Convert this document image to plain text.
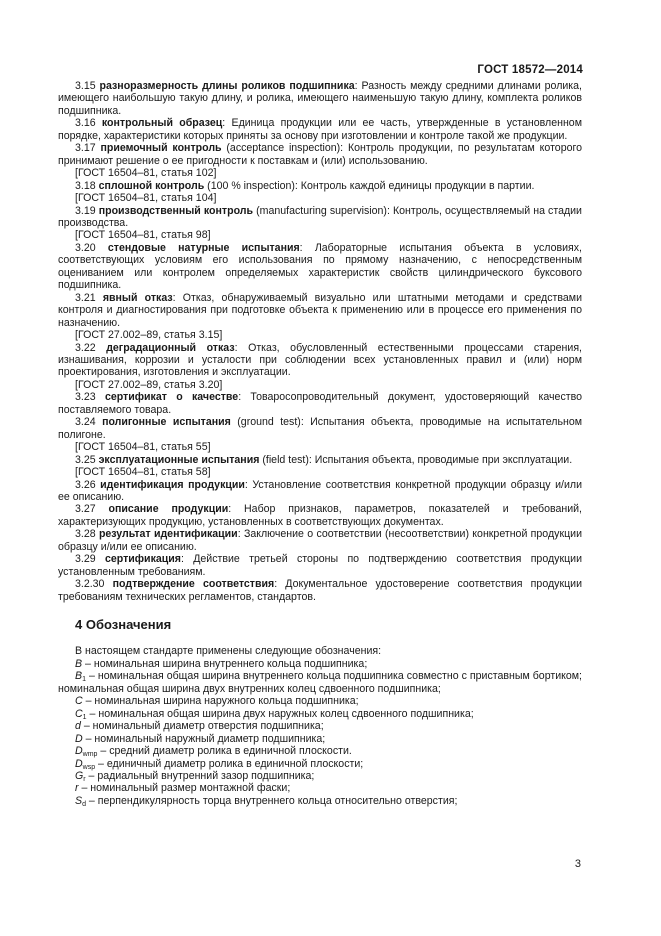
ГОСТ 18572—2014

3.15 разноразмерность длины роликов подшипника: Разность между средними длинами ролика, имеющего наибольшую такую длину, и ролика, имеющего наименьшую такую длину, комплекта роликов подшипника.

3.16 контрольный образец: Единица продукции или ее часть, утвержденные в установленном порядке, характеристики которых приняты за основу при изготовлении и контроле такой же продукции.

3.17 приемочный контроль (acceptance inspection): Контроль продукции, по результатам которого принимают решение о ее пригодности к поставкам и (или) использованию.

[ГОСТ 16504–81, статья 102]

3.18 сплошной контроль (100 % inspection): Контроль каждой единицы продукции в партии.

[ГОСТ 16504–81, статья 104]

3.19 производственный контроль (manufacturing supervision): Контроль, осуществляемый на стадии производства.

[ГОСТ 16504–81, статья 98]

3.20 стендовые натурные испытания: Лабораторные испытания объекта в условиях, соответствующих условиям его использования по прямому назначению, с непосредственным оцениванием или контролем определяемых характеристик свойств цилиндрического буксового подшипника.

3.21 явный отказ: Отказ, обнаруживаемый визуально или штатными методами и средствами контроля и диагностирования при подготовке объекта к применению или в процессе его применения по назначению.

[ГОСТ 27.002–89, статья 3.15]

3.22 деградационный отказ: Отказ, обусловленный естественными процессами старения, изнашивания, коррозии и усталости при соблюдении всех установленных правил и (или) норм проектирования, изготовления и эксплуатации.

[ГОСТ 27.002–89, статья 3.20]

3.23 сертификат о качестве: Товаросопроводительный документ, удостоверяющий качество поставляемого товара.

3.24 полигонные испытания (ground test): Испытания объекта, проводимые на испытательном полигоне.

[ГОСТ 16504–81, статья 55]

3.25 эксплуатационные испытания (field test): Испытания объекта, проводимые при эксплуатации.

[ГОСТ 16504–81, статья 58]

3.26 идентификация продукции: Установление соответствия конкретной продукции образцу и/или ее описанию.

3.27 описание продукции: Набор признаков, параметров, показателей и требований, характеризующих продукцию, установленных в соответствующих документах.

3.28 результат идентификации: Заключение о соответствии (несоответствии) конкретной продукции образцу и/или ее описанию.

3.29 сертификация: Действие третьей стороны по подтверждению соответствия продукции установленным требованиям.

3.2.30 подтверждение соответствия: Документальное удостоверение соответствия продукции требованиям технических регламентов, стандартов.

4 Обозначения

В настоящем стандарте применены следующие обозначения:

B – номинальная ширина внутреннего кольца подшипника;

$B_1$ – номинальная общая ширина внутреннего кольца подшипника совместно с приставным бортиком; номинальная общая ширина двух внутренних колец сдвоенного подшипника;

C – номинальная ширина наружного кольца подшипника;

$C_1$ – номинальная общая ширина двух наружных колец сдвоенного подшипника;

d – номинальный диаметр отверстия подшипника;

D – номинальный наружный диаметр подшипника;

$D_{wmp}$ – средний диаметр ролика в единичной плоскости.

$D_{wsp}$ – единичный диаметр ролика в единичной плоскости;

$G_r$ – радиальный внутренний зазор подшипника;

r – номинальный размер монтажной фаски;

$S_d$ – перпендикулярность торца внутреннего кольца относительно отверстия;

3
